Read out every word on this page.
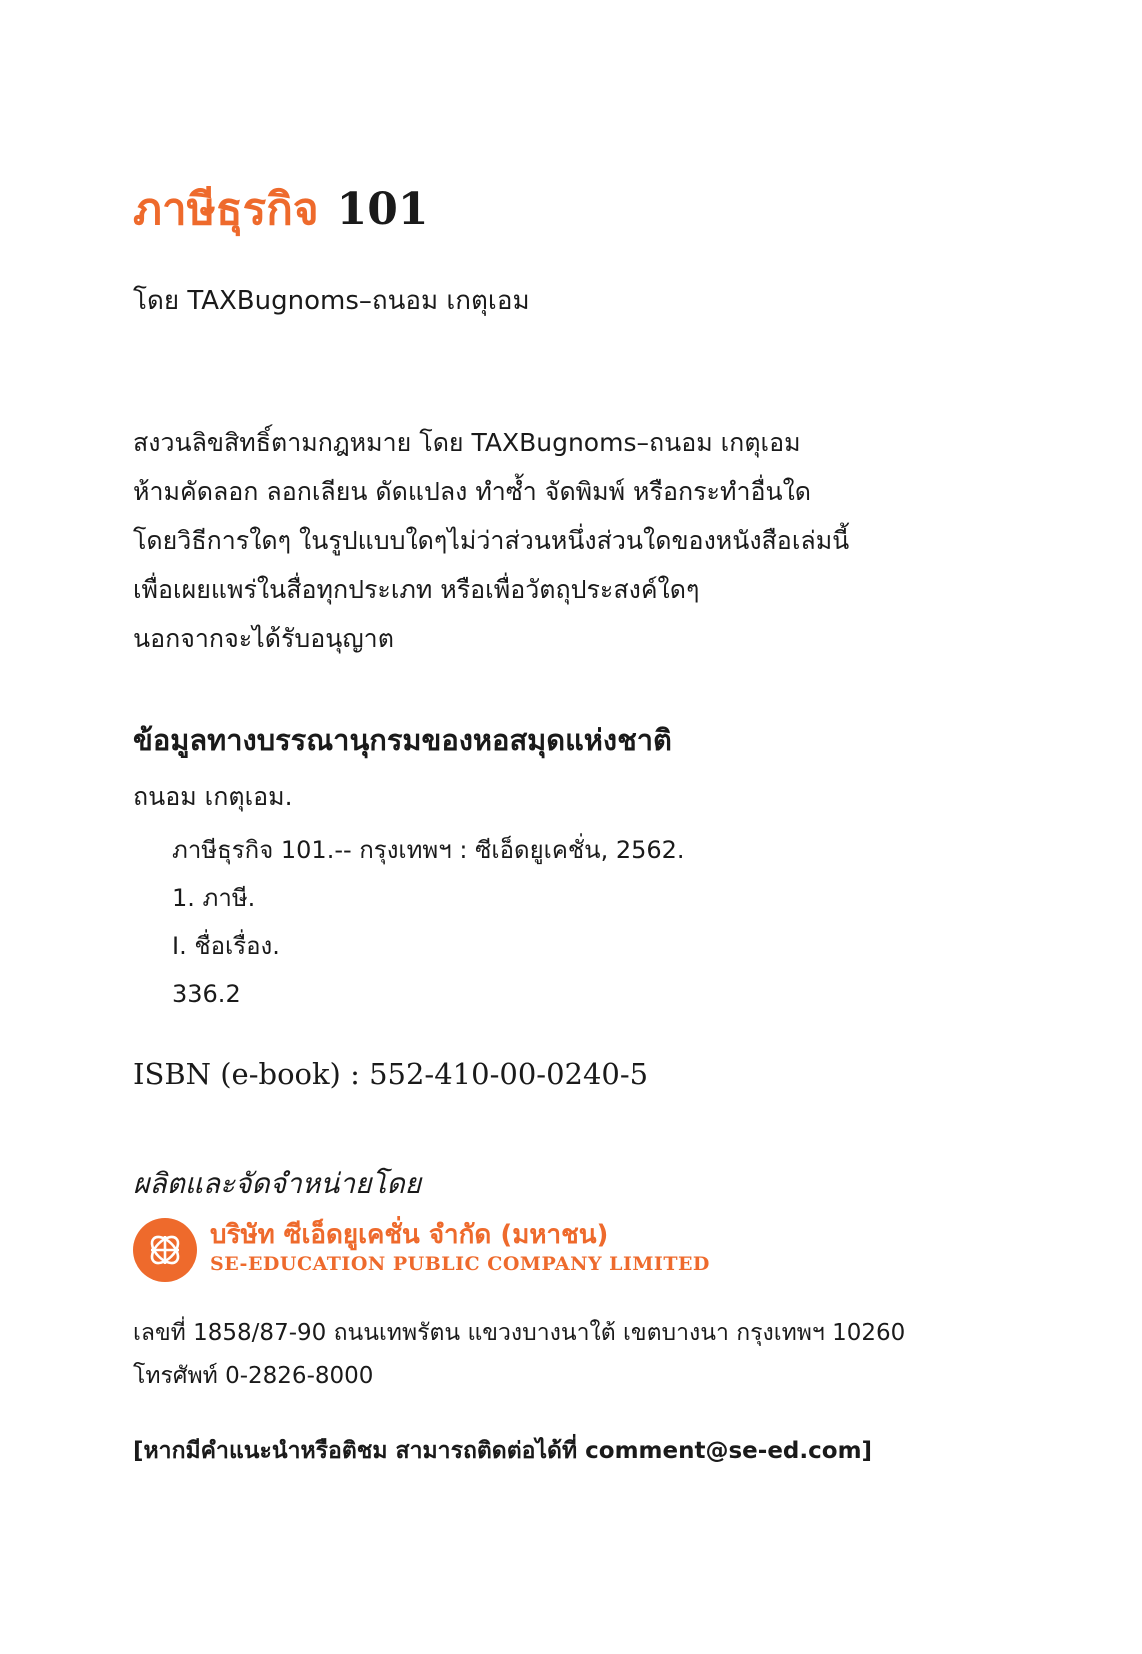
ภาษีธุรกิจ 101
โดย TAXBugnoms–ถนอม เกตุเอม
สงวนลิขสิทธิ์ตามกฎหมาย โดย TAXBugnoms–ถนอม เกตุเอม
ห้ามคัดลอก ลอกเลียน ดัดแปลง ทำซ้ำ จัดพิมพ์ หรือกระทำอื่นใด
โดยวิธีการใดๆ ในรูปแบบใดๆไม่ว่าส่วนหนึ่งส่วนใดของหนังสือเล่มนี้
เพื่อเผยแพร่ในสื่อทุกประเภท หรือเพื่อวัตถุประสงค์ใดๆ
นอกจากจะได้รับอนุญาต
ข้อมูลทางบรรณานุกรมของหอสมุดแห่งชาติ
ถนอม เกตุเอม.
ภาษีธุรกิจ 101.-- กรุงเทพฯ : ซีเอ็ดยูเคชั่น, 2562.
1. ภาษี.
I. ชื่อเรื่อง.
336.2
ISBN (e-book) : 552-410-00-0240-5
ผลิตและจัดจำหน่ายโดย
บริษัท ซีเอ็ดยูเคชั่น จำกัด (มหาชน)
SE-EDUCATION PUBLIC COMPANY LIMITED
เลขที่ 1858/87-90 ถนนเทพรัตน แขวงบางนาใต้ เขตบางนา กรุงเทพฯ 10260
โทรศัพท์ 0-2826-8000
[หากมีคำแนะนำหรือติชม สามารถติดต่อได้ที่ comment@se-ed.com]
